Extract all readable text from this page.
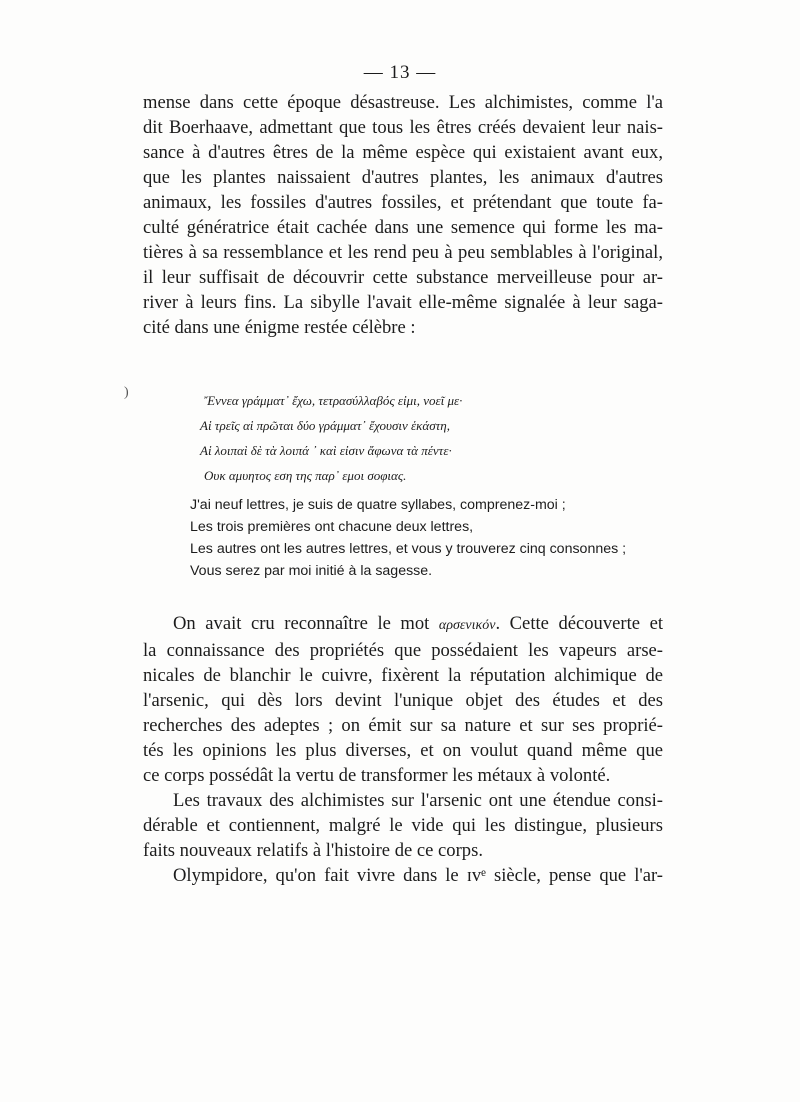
— 13 —

mense dans cette époque désastreuse. Les alchimistes, comme l'a
dit Boerhaave, admettant que tous les êtres créés devaient leur nais-
sance à d'autres êtres de la même espèce qui existaient avant eux,
que les plantes naissaient d'autres plantes, les animaux d'autres
animaux, les fossiles d'autres fossiles, et prétendant que toute fa-
culté génératrice était cachée dans une semence qui forme les ma-
tières à sa ressemblance et les rend peu à peu semblables à l'original,
il leur suffisait de découvrir cette substance merveilleuse pour ar-
river à leurs fins. La sibylle l'avait elle-même signalée à leur saga-
cité dans une énigme restée célèbre :

)
Ἔννεα γράμματ᾽ ἔχω, τετρασύλλαβός εἰμι, νοεῖ με·
Αἱ τρεῖς αἱ πρῶται δύο γράμματ᾽ ἔχουσιν ἑκάστη,
Αἱ λοιπαὶ δὲ τὰ λοιπά ᾽ καὶ εἰσιν ἄφωνα τὰ πέντε·
Ουκ αμυητος εση της παρ᾽ εμοι σοφιας.
J'ai neuf lettres, je suis de quatre syllabes, comprenez-moi ;
Les trois premières ont chacune deux lettres,
Les autres ont les autres lettres, et vous y trouverez cinq consonnes ;
Vous serez par moi initié à la sagesse.

On avait cru reconnaître le mot αρσενικόν. Cette découverte et
la connaissance des propriétés que possédaient les vapeurs arse-
nicales de blanchir le cuivre, fixèrent la réputation alchimique de
l'arsenic, qui dès lors devint l'unique objet des études et des
recherches des adeptes ; on émit sur sa nature et sur ses proprié-
tés les opinions les plus diverses, et on voulut quand même que
ce corps possédât la vertu de transformer les métaux à volonté.
Les travaux des alchimistes sur l'arsenic ont une étendue consi-
dérable et contiennent, malgré le vide qui les distingue, plusieurs
faits nouveaux relatifs à l'histoire de ce corps.
Olympidore, qu'on fait vivre dans le ɪvᵉ siècle, pense que l'ar-
